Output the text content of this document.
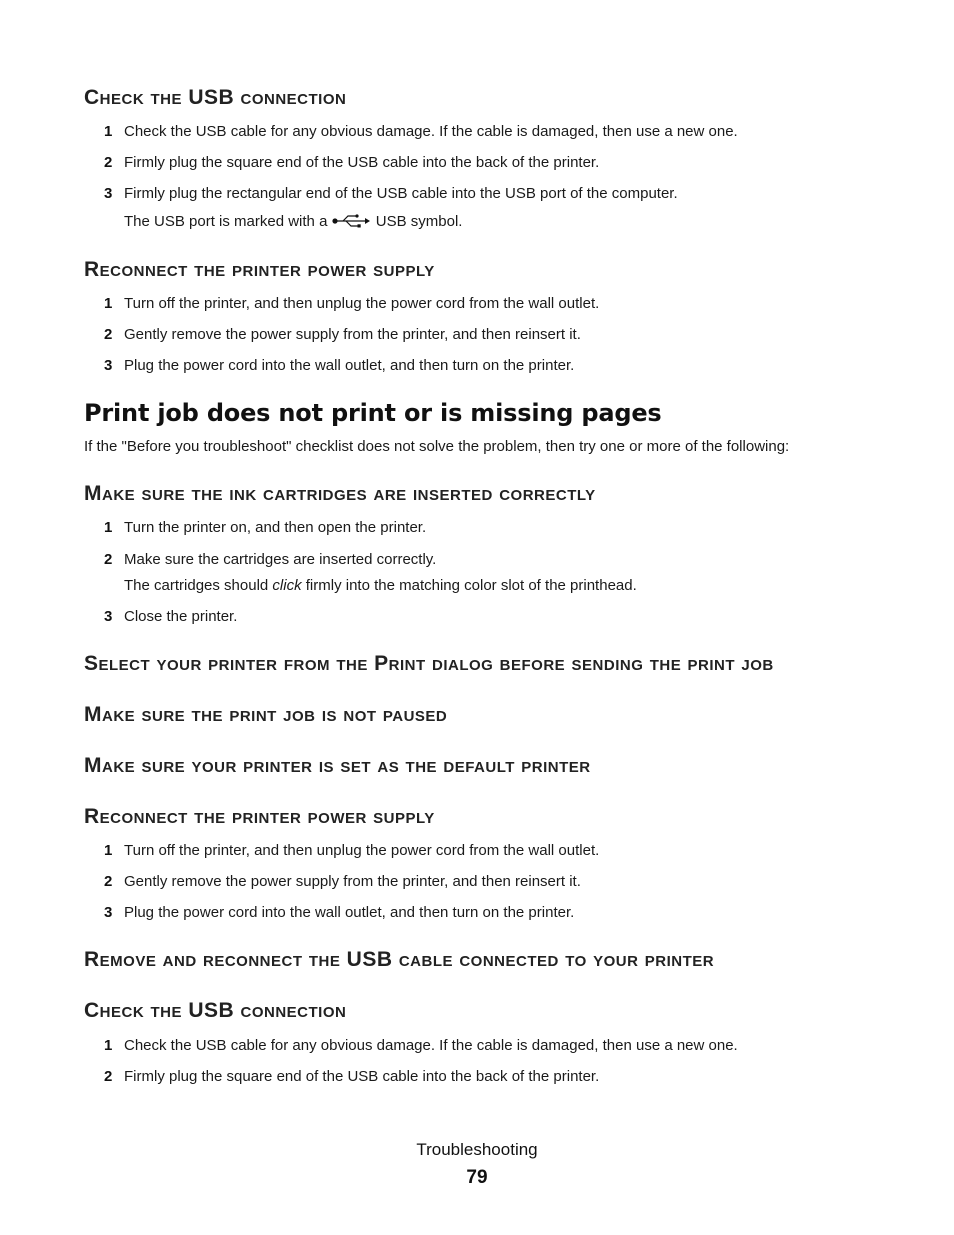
Check the USB connection
1 Check the USB cable for any obvious damage. If the cable is damaged, then use a new one.
2 Firmly plug the square end of the USB cable into the back of the printer.
3 Firmly plug the rectangular end of the USB cable into the USB port of the computer.
The USB port is marked with a	USB symbol.
Reconnect the printer power supply
1 Turn off the printer, and then unplug the power cord from the wall outlet.
2 Gently remove the power supply from the printer, and then reinsert it.
3 Plug the power cord into the wall outlet, and then turn on the printer.
Print job does not print or is missing pages

If the "Before you troubleshoot" checklist does not solve the problem, then try one or more of the following:

Make sure the ink cartridges are inserted correctly
1 Turn the printer on, and then open the printer.
2 Make sure the cartridges are inserted correctly.
The cartridges should click firmly into the matching color slot of the printhead.
3 Close the printer.
Select your printer from the Print dialog before sending the print job
Make sure the print job is not paused
Make sure your printer is set as the default printer
Reconnect the printer power supply
1 Turn off the printer, and then unplug the power cord from the wall outlet.
2 Gently remove the power supply from the printer, and then reinsert it.
3 Plug the power cord into the wall outlet, and then turn on the printer.
Remove and reconnect the USB cable connected to your printer
Check the USB connection
1 Check the USB cable for any obvious damage. If the cable is damaged, then use a new one.
2 Firmly plug the square end of the USB cable into the back of the printer.
Troubleshooting
79
